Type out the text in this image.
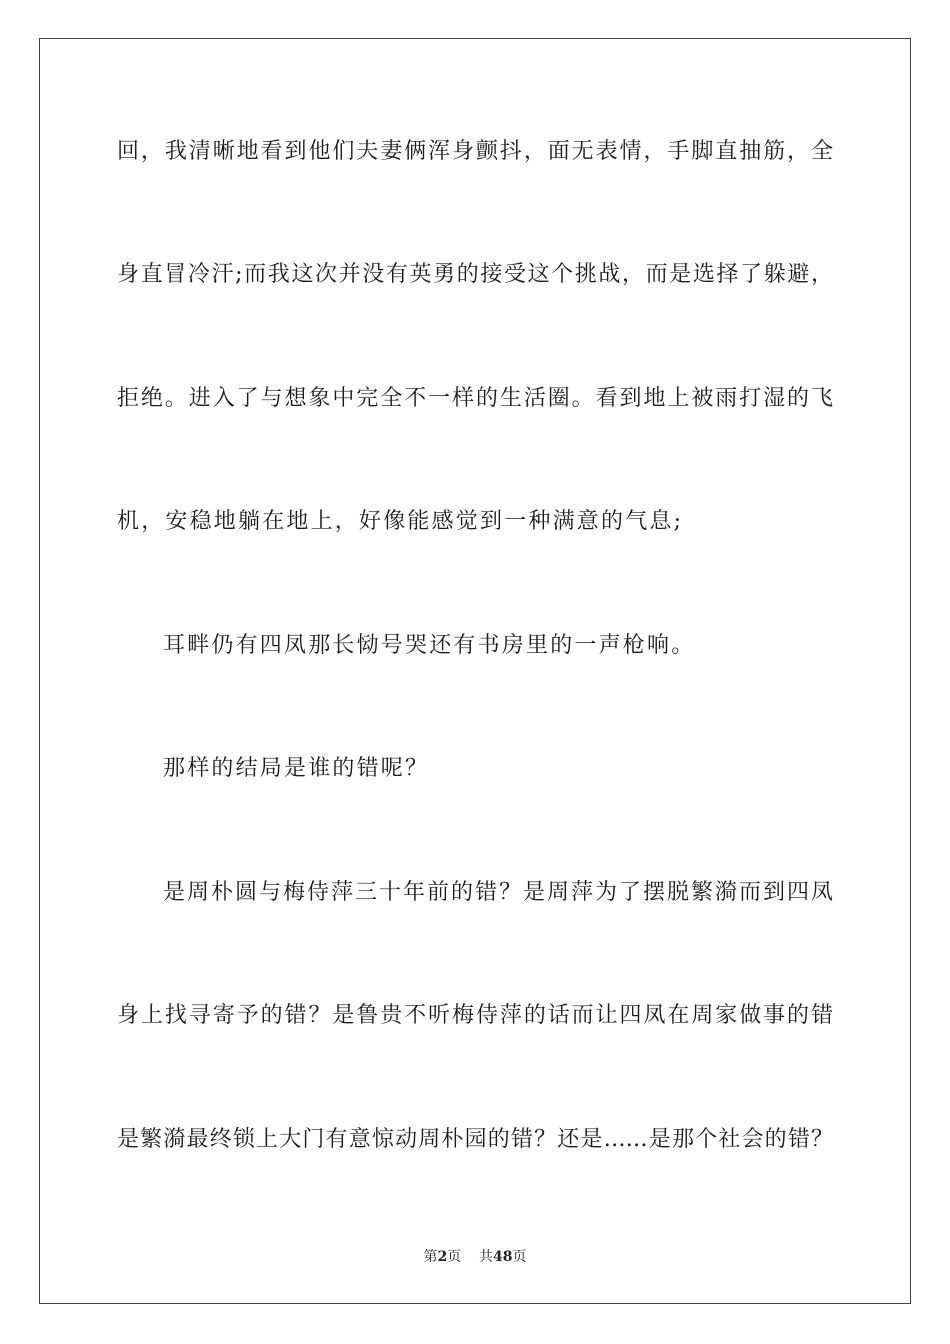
回，我清晰地看到他们夫妻俩浑身颤抖，面无表情，手脚直抽筋，全
身直冒冷汗;而我这次并没有英勇的接受这个挑战，而是选择了躲避，
拒绝。进入了与想象中完全不一样的生活圈。看到地上被雨打湿的飞
机，安稳地躺在地上，好像能感觉到一种满意的气息;
耳畔仍有四凤那长恸号哭还有书房里的一声枪响。
那样的结局是谁的错呢？
是周朴圆与梅侍萍三十年前的错？是周萍为了摆脱繁漪而到四凤
身上找寻寄予的错？是鲁贵不听梅侍萍的话而让四凤在周家做事的错
是繁漪最终锁上大门有意惊动周朴园的错？还是……是那个社会的错？
第2页 共48页
